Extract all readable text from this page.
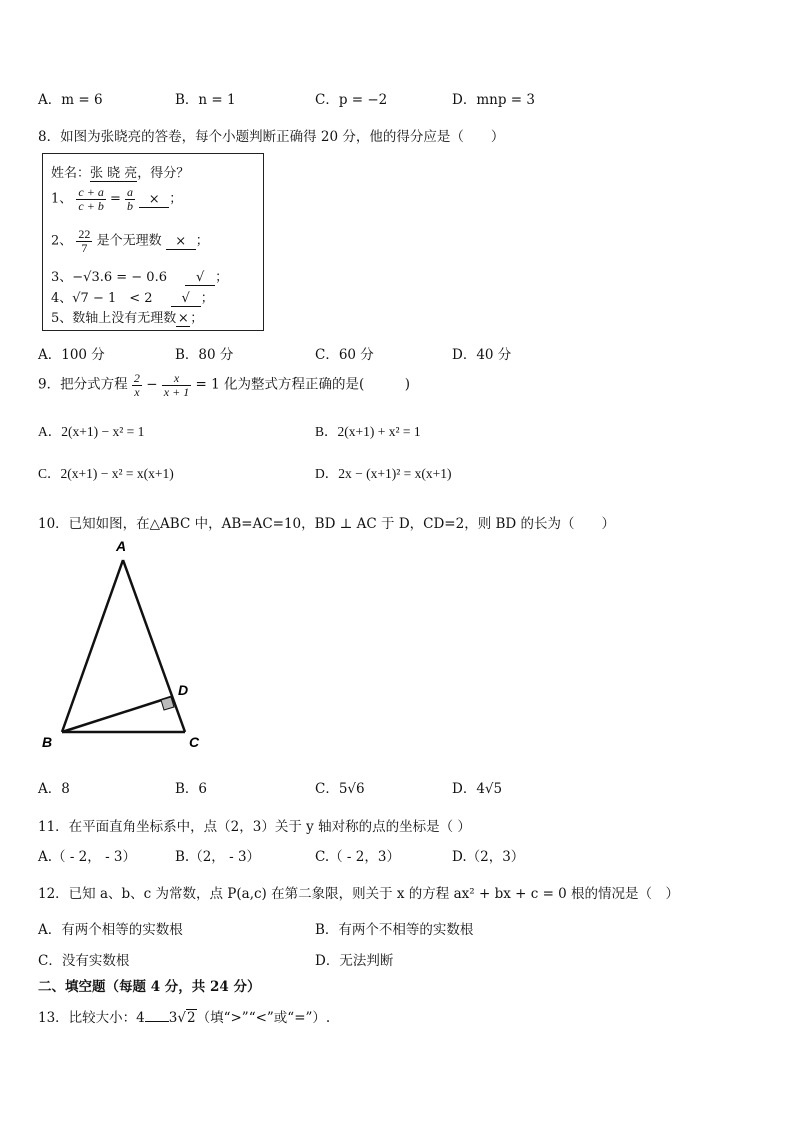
A．m = 6	B．n = 1	C．p = −2	D．mnp = 3
8．如图为张晓亮的答卷，每个小题判断正确得 20 分，他的得分应是（　　）
姓名：张 晓 亮，得分？
1、 $\frac{c + a}{c + b} = \frac{a}{b}$ × ；
2、 $\frac{22}{7}$ 是个无理数 × ；
3、−√3.6 = − 0.6 √ ；
4、√7 − 1　< 2 √ ；
5、数轴上没有无理数 × ；
A．100 分	B．80 分	C．60 分	D．40 分
9．把分式方程 $\frac{2}{x} - \frac{x}{x + 1} = 1$ 化为整式方程正确的是(　　　)
A．2(x+1) − x² = 1	B．2(x+1) + x² = 1
C．2(x+1) − x² = x(x+1)	D．2x − (x+1)² = x(x+1)
10．已知如图，在△ABC 中，AB=AC=10，BD ⊥ AC 于 D，CD=2，则 BD 的长为（　　）
A
B	C
D
A．8	B．6	C．5√6	D．4√5
11．在平面直角坐标系中，点（2，3）关于 y 轴对称的点的坐标是（ ）
A.（ - 2， - 3）	B.（2， - 3）	C.（ - 2，3）	D.（2，3）
12．已知 a、b、c 为常数，点 P(a,c) 在第二象限，则关于 x 的方程 ax² + bx + c = 0 根的情况是（　）
A．有两个相等的实数根	B．有两个不相等的实数根
C．没有实数根	D．无法判断
二、填空题（每题 4 分，共 24 分）
13．比较大小：4 3√2（填“>”“<”或“=”）.
